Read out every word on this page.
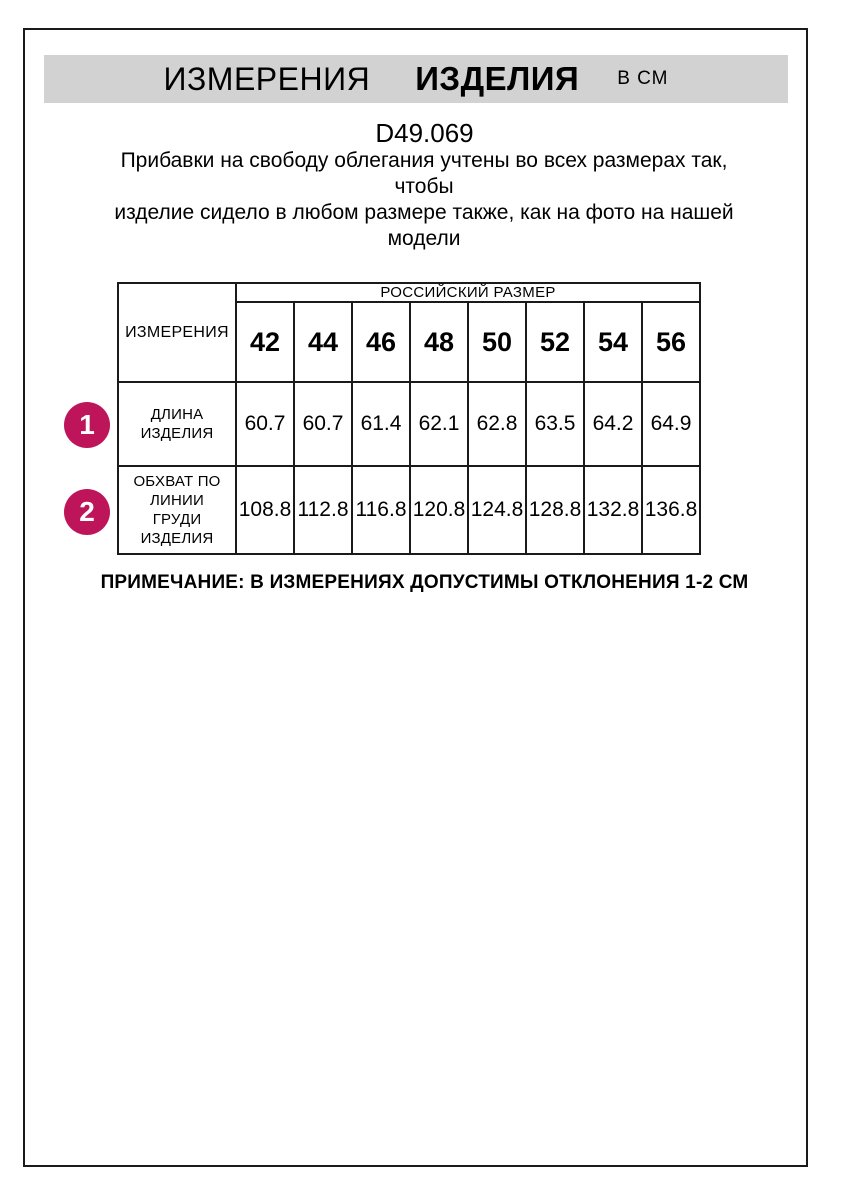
ИЗМЕРЕНИЯ ИЗДЕЛИЯ В СМ
D49.069
Прибавки на свободу облегания учтены во всех размерах так, чтобы
изделие сидело в любом размере также, как на фото на нашей
модели
ИЗМЕРЕНИЯ	РОССИЙСКИЙ РАЗМЕР							
	42	44	46	48	50	52	54	56
ДЛИНА ИЗДЕЛИЯ	60.7	60.7	61.4	62.1	62.8	63.5	64.2	64.9
ОБХВАТ ПО ЛИНИИ ГРУДИ ИЗДЕЛИЯ	108.8	112.8	116.8	120.8	124.8	128.8	132.8	136.8
1
2
ПРИМЕЧАНИЕ: В ИЗМЕРЕНИЯХ ДОПУСТИМЫ ОТКЛОНЕНИЯ 1-2 СМ
